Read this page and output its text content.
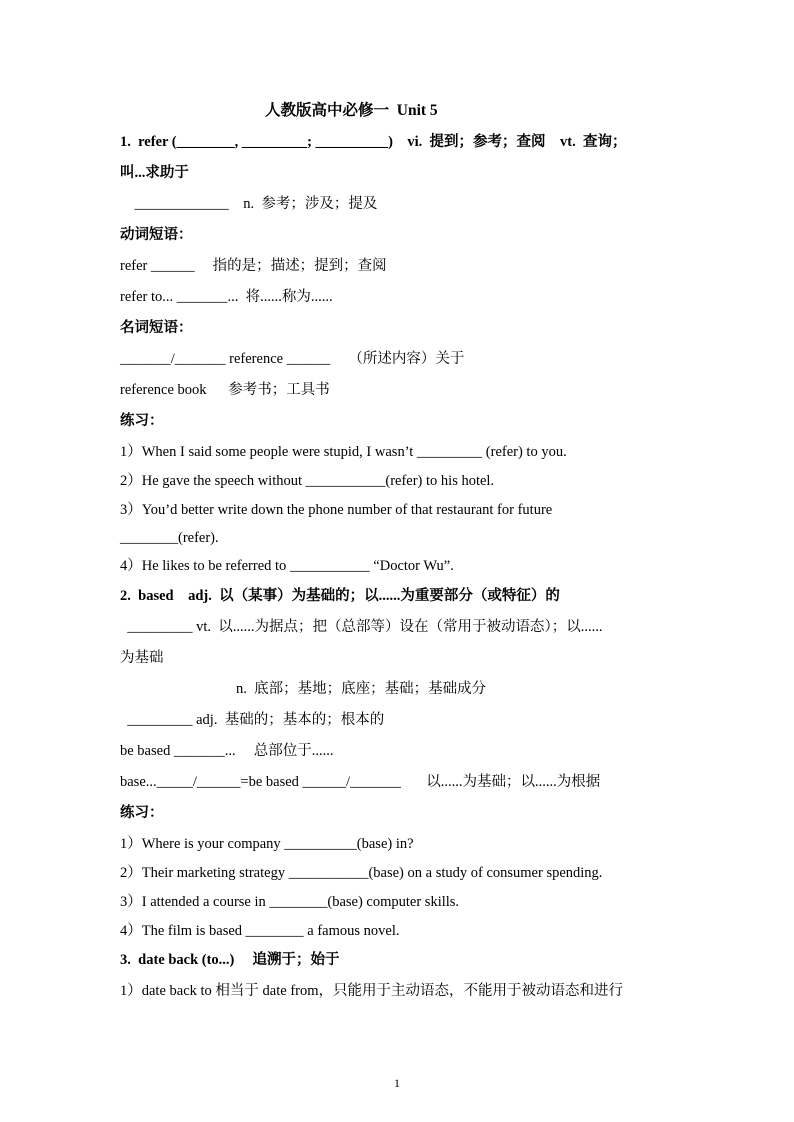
人教版高中必修一  Unit 5
1.  refer (________, _________; __________)    vi.  提到；参考；查阅    vt.  查询；
叫...求助于
_____________    n.  参考；涉及；提及
动词短语：
refer ______     指的是；描述；提到；查阅
refer to... _______...  将......称为......
名词短语：
_______/_______ reference ______     （所述内容）关于
reference book      参考书；工具书
练习：
1）When I said some people were stupid, I wasn’t _________ (refer) to you.
2）He gave the speech without ___________(refer) to his hotel.
3）You’d better write down the phone number of that restaurant for future
________(refer).
4）He likes to be referred to ___________ “Doctor Wu”.
2.  based    adj.  以（某事）为基础的；以......为重要部分（或特征）的
_________ vt.  以......为据点；把（总部等）设在（常用于被动语态）；以......
为基础
n.  底部；基地；底座；基础；基础成分
_________ adj.  基础的；基本的；根本的
be based _______...     总部位于......
base..._____/______=be based ______/_______       以......为基础；以......为根据
练习：
1）Where is your company __________(base) in?
2）Their marketing strategy ___________(base) on a study of consumer spending.
3）I attended a course in ________(base) computer skills.
4）The film is based ________ a famous novel.
3.  date back (to...)     追溯于；始于
1）date back to 相当于 date from，只能用于主动语态，不能用于被动语态和进行
1
